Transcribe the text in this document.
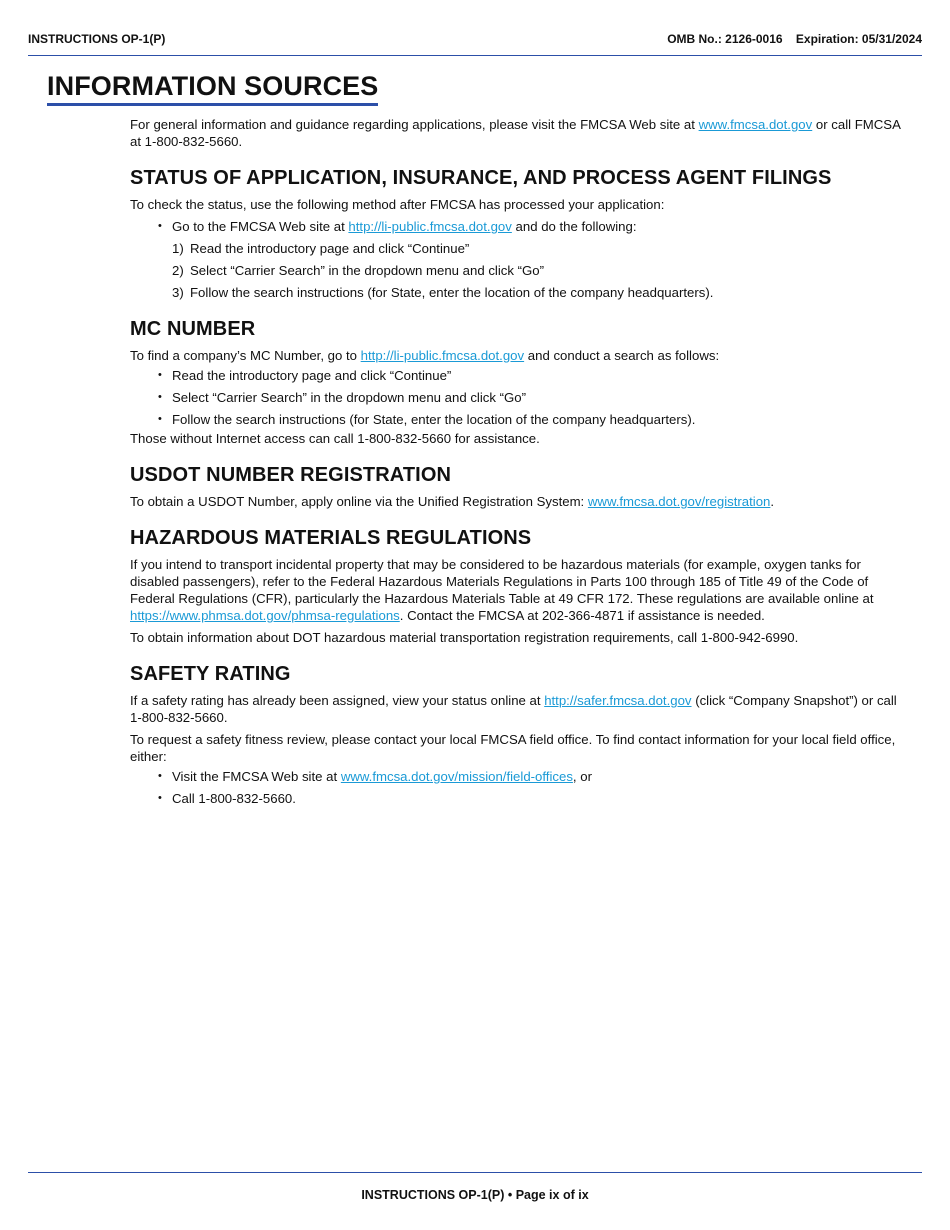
INSTRUCTIONS OP-1(P)	OMB No.: 2126-0016 Expiration: 05/31/2024
INFORMATION SOURCES

For general information and guidance regarding applications, please visit the FMCSA Web site at www.fmcsa.dot.gov or call FMCSA at 1-800-832-5660.

STATUS OF APPLICATION, INSURANCE, AND PROCESS AGENT FILINGS

To check the status, use the following method after FMCSA has processed your application:

• Go to the FMCSA Web site at http://li-public.fmcsa.dot.gov and do the following:
1) Read the introductory page and click “Continue”
2) Select “Carrier Search” in the dropdown menu and click “Go”
3) Follow the search instructions (for State, enter the location of the company headquarters).
MC NUMBER

To find a company’s MC Number, go to http://li-public.fmcsa.dot.gov and conduct a search as follows:

• Read the introductory page and click “Continue”
• Select “Carrier Search” in the dropdown menu and click “Go”
• Follow the search instructions (for State, enter the location of the company headquarters).

Those without Internet access can call 1-800-832-5660 for assistance.

USDOT NUMBER REGISTRATION

To obtain a USDOT Number, apply online via the Unified Registration System: www.fmcsa.dot.gov/registration.

HAZARDOUS MATERIALS REGULATIONS

If you intend to transport incidental property that may be considered to be hazardous materials (for example, oxygen tanks for disabled passengers), refer to the Federal Hazardous Materials Regulations in Parts 100 through 185 of Title 49 of the Code of Federal Regulations (CFR), particularly the Hazardous Materials Table at 49 CFR 172. These regulations are available online at https://www.phmsa.dot.gov/phmsa-regulations. Contact the FMCSA at 202-366-4871 if assistance is needed.

To obtain information about DOT hazardous material transportation registration requirements, call 1-800-942-6990.

SAFETY RATING

If a safety rating has already been assigned, view your status online at http://safer.fmcsa.dot.gov (click “Company Snapshot”) or call 1-800-832-5660.

To request a safety fitness review, please contact your local FMCSA field office. To find contact information for your local field office, either:

• Visit the FMCSA Web site at www.fmcsa.dot.gov/mission/field-offices, or
• Call 1-800-832-5660.
INSTRUCTIONS OP-1(P) • Page ix of ix
